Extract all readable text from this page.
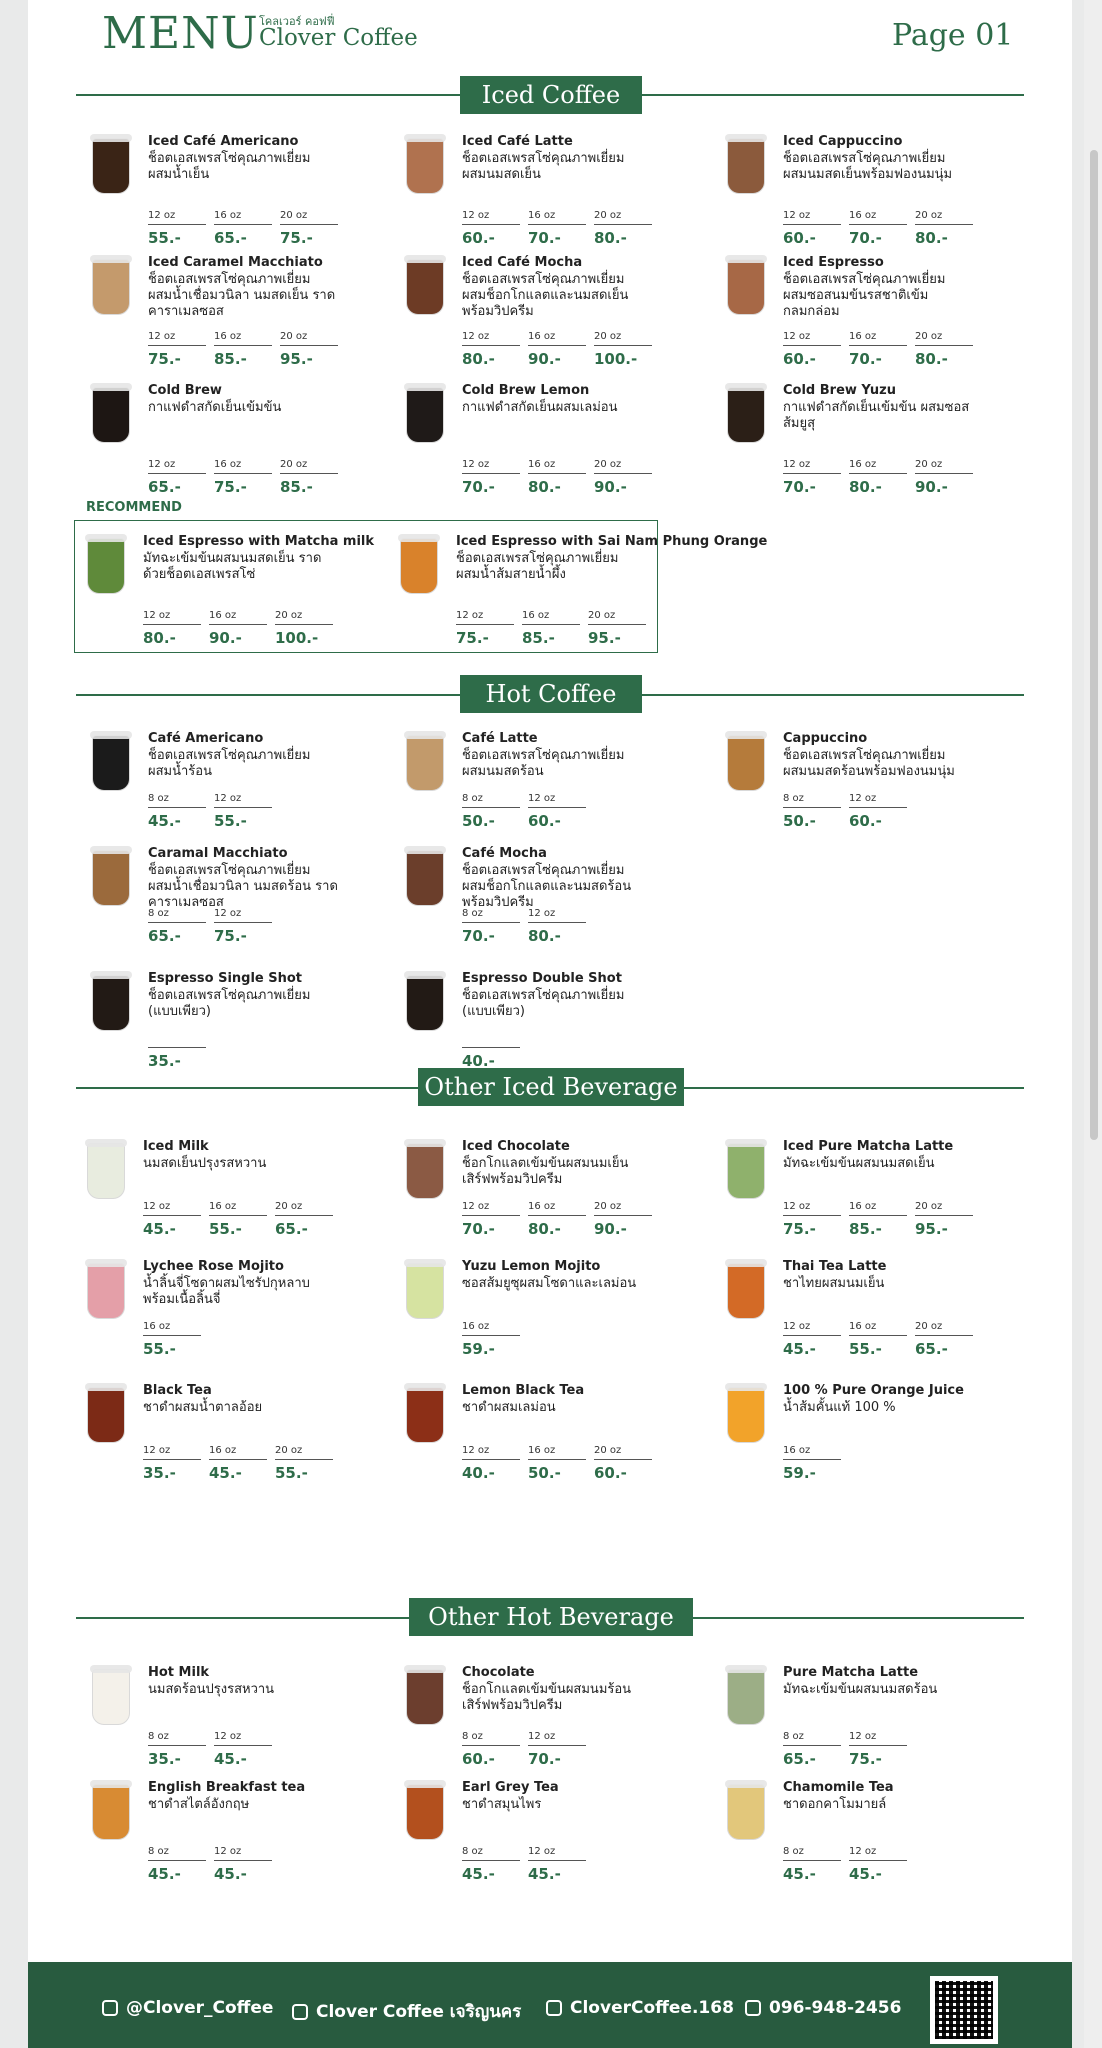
MENU โคลเวอร์ คอฟฟี่
Clover Coffee	Page 01
Iced Coffee
RECOMMEND
Hot Coffee
Other Iced Beverage
Other Hot Beverage
Iced Café Americano
ช็อตเอสเพรสโซ่คุณภาพเยี่ยม ผสมน้ำเย็น
12 oz
55.-
16 oz
65.-
20 oz
75.-
Iced Café Latte
ช็อตเอสเพรสโซ่คุณภาพเยี่ยม ผสมนมสดเย็น
12 oz
60.-
16 oz
70.-
20 oz
80.-
Iced Cappuccino
ช็อตเอสเพรสโซ่คุณภาพเยี่ยม ผสมนมสดเย็นพร้อมฟองนมนุ่ม
12 oz
60.-
16 oz
70.-
20 oz
80.-
Iced Caramel Macchiato
ช็อตเอสเพรสโซ่คุณภาพเยี่ยม ผสมน้ำเชื่อมวนิลา นมสดเย็น ราดคาราเมลซอส
12 oz
75.-
16 oz
85.-
20 oz
95.-
Iced Café Mocha
ช็อตเอสเพรสโซ่คุณภาพเยี่ยม ผสมช็อกโกแลตและนมสดเย็น พร้อมวิปครีม
12 oz
80.-
16 oz
90.-
20 oz
100.-
Iced Espresso
ช็อตเอสเพรสโซ่คุณภาพเยี่ยม ผสมซอสนมข้นรสชาติเข้ม กลมกล่อม
12 oz
60.-
16 oz
70.-
20 oz
80.-
Cold Brew
กาแฟดำสกัดเย็นเข้มข้น
12 oz
65.-
16 oz
75.-
20 oz
85.-
Cold Brew Lemon
กาแฟดำสกัดเย็นผสมเลม่อน
12 oz
70.-
16 oz
80.-
20 oz
90.-
Cold Brew Yuzu
กาแฟดำสกัดเย็นเข้มข้น ผสมซอสส้มยูสุ
12 oz
70.-
16 oz
80.-
20 oz
90.-
Iced Espresso with Matcha milk
มัทฉะเข้มข้นผสมนมสดเย็น ราดด้วยช็อตเอสเพรสโซ่
12 oz
80.-
16 oz
90.-
20 oz
100.-
Iced Espresso with Sai Nam Phung Orange
ช็อตเอสเพรสโซ่คุณภาพเยี่ยม ผสมน้ำส้มสายน้ำผึ้ง
12 oz
75.-
16 oz
85.-
20 oz
95.-
Café Americano
ช็อตเอสเพรสโซ่คุณภาพเยี่ยม ผสมน้ำร้อน
8 oz
45.-
12 oz
55.-
Café Latte
ช็อตเอสเพรสโซ่คุณภาพเยี่ยม ผสมนมสดร้อน
8 oz
50.-
12 oz
60.-
Cappuccino
ช็อตเอสเพรสโซ่คุณภาพเยี่ยม ผสมนมสดร้อนพร้อมฟองนมนุ่ม
8 oz
50.-
12 oz
60.-
Caramal Macchiato
ช็อตเอสเพรสโซ่คุณภาพเยี่ยม ผสมน้ำเชื่อมวนิลา นมสดร้อน ราดคาราเมลซอส
8 oz
65.-
12 oz
75.-
Café Mocha
ช็อตเอสเพรสโซ่คุณภาพเยี่ยม ผสมช็อกโกแลตและนมสดร้อน พร้อมวิปครีม
8 oz
70.-
12 oz
80.-
Espresso Single Shot
ช็อตเอสเพรสโซ่คุณภาพเยี่ยม (แบบเพียว)
35.-
Espresso Double Shot
ช็อตเอสเพรสโซ่คุณภาพเยี่ยม (แบบเพียว)
40.-
Iced Milk
นมสดเย็นปรุงรสหวาน
12 oz
45.-
16 oz
55.-
20 oz
65.-
Iced Chocolate
ช็อกโกแลตเข้มข้นผสมนมเย็น เสิร์ฟพร้อมวิปครีม
12 oz
70.-
16 oz
80.-
20 oz
90.-
Iced Pure Matcha Latte
มัทฉะเข้มข้นผสมนมสดเย็น
12 oz
75.-
16 oz
85.-
20 oz
95.-
Lychee Rose Mojito
น้ำลิ้นจี่โซดาผสมไซรัปกุหลาบ พร้อมเนื้อลิ้นจี่
16 oz
55.-
Yuzu Lemon Mojito
ซอสส้มยูซุผสมโซดาและเลม่อน
16 oz
59.-
Thai Tea Latte
ชาไทยผสมนมเย็น
12 oz
45.-
16 oz
55.-
20 oz
65.-
Black Tea
ชาดำผสมน้ำตาลอ้อย
12 oz
35.-
16 oz
45.-
20 oz
55.-
Lemon Black Tea
ชาดำผสมเลม่อน
12 oz
40.-
16 oz
50.-
20 oz
60.-
100 % Pure Orange Juice
น้ำส้มคั้นแท้ 100 %
16 oz
59.-
Hot Milk
นมสดร้อนปรุงรสหวาน
8 oz
35.-
12 oz
45.-
Chocolate
ช็อกโกแลตเข้มข้นผสมนมร้อน เสิร์ฟพร้อมวิปครีม
8 oz
60.-
12 oz
70.-
Pure Matcha Latte
มัทฉะเข้มข้นผสมนมสดร้อน
8 oz
65.-
12 oz
75.-
English Breakfast tea
ชาดำสไตล์อังกฤษ
8 oz
45.-
12 oz
45.-
Earl Grey Tea
ชาดำสมุนไพร
8 oz
45.-
12 oz
45.-
Chamomile Tea
ชาดอกคาโมมายล์
8 oz
45.-
12 oz
45.-
@Clover_Coffee	Clover Coffee เจริญนคร	CloverCoffee.168 096-948-2456
